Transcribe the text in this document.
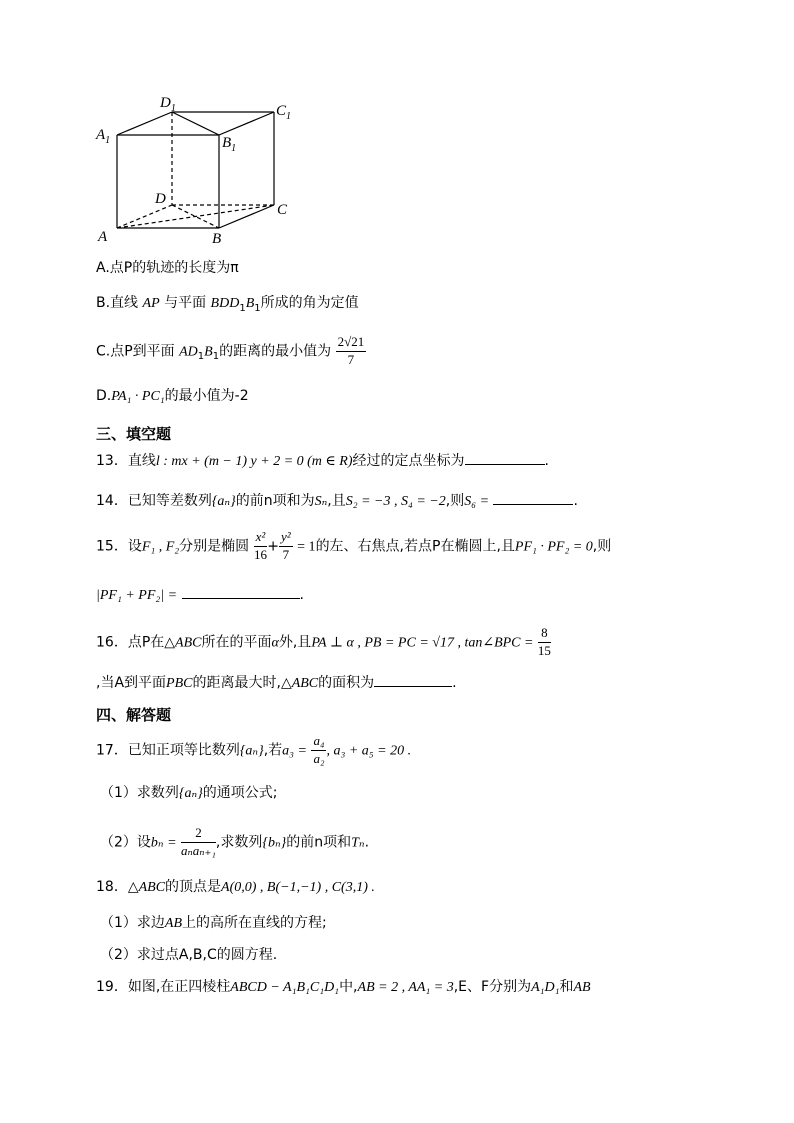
$D_1$	$C_1$
$A_1$	$B_1$
D
C
A	B
A.点P的轨迹的长度为π
B.直线 AP 与平面 $BDD_1B_1$所成的角为定值
C.点P到平面 $AD_1B_1$的距离的最小值为 $\frac{2√21}{7}$
D.PA₁ · PC₁的最小值为-2
三、填空题
13．直线l : mx + (m − 1) y + 2 = 0 (m ∈ R)经过的定点坐标为	.
14．已知等差数列{aₙ}的前n项和为Sₙ,且S₂ = −3 , S₄ = −2,则S₆ =	.
15．设F₁ , F₂分别是椭圆 $\frac{\text{x²}}{16} + \frac{\text{y²}}{7} = 1$的左、右焦点,若点P在椭圆上,且PF₁ · PF₂ = 0,则
|PF₁ + PF₂| =	.
16．点P在△ABC所在的平面α外,且PA ⊥ α , PB = PC = √17 , tan∠BPC = $\frac{8}{15}$
,当A到平面PBC的距离最大时,△ABC的面积为	.
四、解答题
17．已知正项等比数列{aₙ},若$a_3 = \frac{\text{a₄}}{\text{a₂}}$ , a₃ + a₅ = 20 .
（1）求数列{aₙ}的通项公式;
（2）设$b_n = \frac{2}{\text{aₙaₙ₊₁}}$ ,求数列{bₙ}的前n项和Tₙ.
18．△ABC的顶点是A(0,0) , B(−1,−1) , C(3,1) .
（1）求边AB上的高所在直线的方程;
（2）求过点A,B,C的圆方程.
19．如图,在正四棱柱ABCD − A₁B₁C₁D₁中,AB = 2 , AA₁ = 3,E、F分别为A₁D₁和AB
